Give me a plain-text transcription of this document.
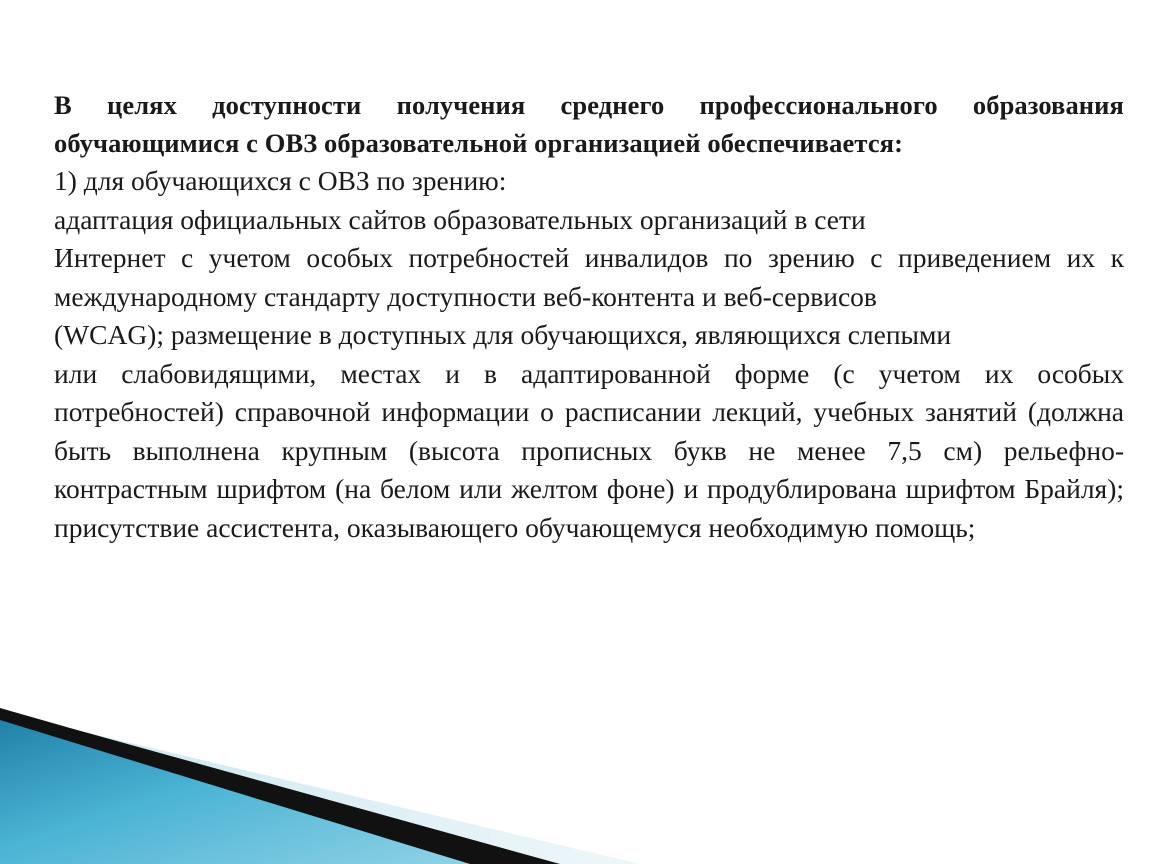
В целях доступности получения среднего профессионального образования обучающимися с ОВЗ образовательной организацией обеспечивается:

1) для обучающихся с ОВЗ по зрению:

адаптация официальных сайтов образовательных организаций в сети

Интернет с учетом особых потребностей инвалидов по зрению с приведением их к международному стандарту доступности веб-контента и веб-сервисов

(WCAG); размещение в доступных для обучающихся, являющихся слепыми

или слабовидящими, местах и в адаптированной форме (с учетом их особых потребностей) справочной информации о расписании лекций, учебных занятий (должна быть выполнена крупным (высота прописных букв не менее 7,5 см) рельефно-контрастным шрифтом (на белом или желтом фоне) и продублирована шрифтом Брайля); присутствие ассистента, оказывающего обучающемуся необходимую помощь;
